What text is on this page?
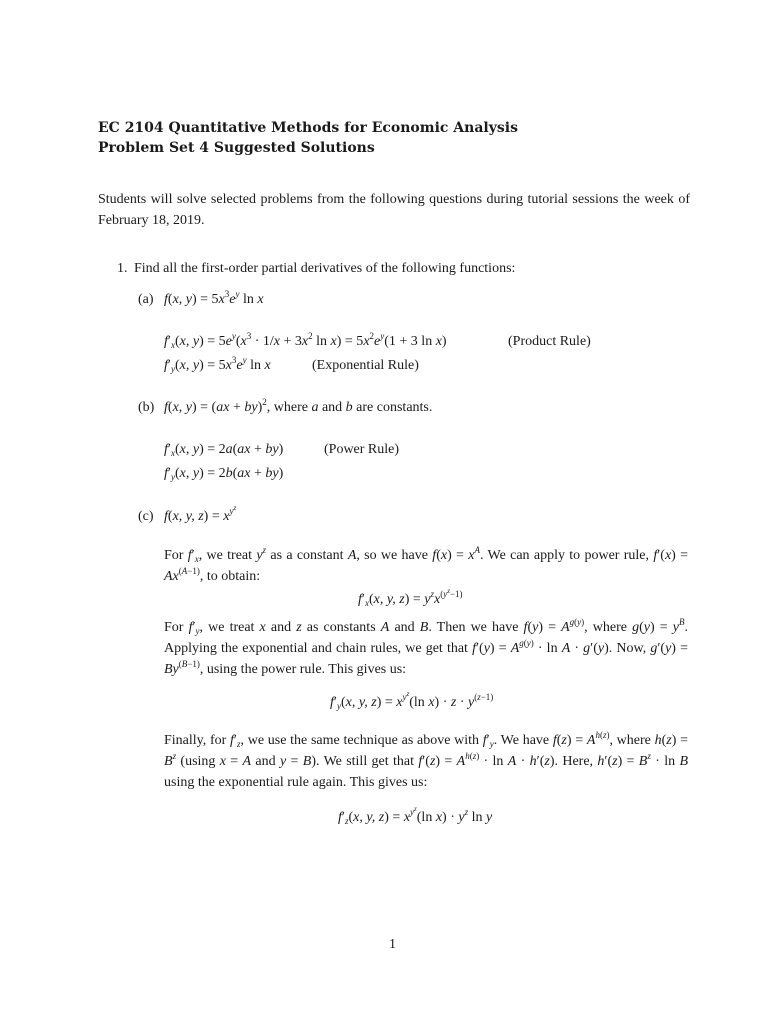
EC 2104 Quantitative Methods for Economic Analysis
Problem Set 4 Suggested Solutions
Students will solve selected problems from the following questions during tutorial sessions the week of February 18, 2019.
1. Find all the first-order partial derivatives of the following functions:
(a) f(x, $y) = 5x^3e^y$ ln x
$f'_x(x$, $y) = 5e^y(x^3 \cdot 1/x + 3x^2$ $\ln x) = 5x^2e^y(1 + 3$ ln x)	(Product Rule)
$f'_y(x$, $y) = 5x^3e^y$ ln x	(Exponential Rule)
(b) f(x, y) = (ax + by)$^2$, where a and b are constants.
$f'_x(x$, y) = 2a(ax + by)	(Power Rule)
$f'_y(x$, y) = 2b(ax + by)
(c) f(x, y, $z) = x^{y^z}$
For $f'_x$, we treat $y^z$ as a constant A, so we have $f(x) = x^A$. We can apply to power rule, $f'(x) = Ax^{(A-1)}$, to obtain:
$f'_x(x$, y, $z) = y^zx^{(y^z-1)}$
For $f'_y$, we treat x and z as constants A and B. Then we have $f(y) = A^{g(y)}$, where $g(y) = y^B$. Applying the exponential and chain rules, we get that $f'(y) = A^{g(y)} \cdot \ln A \cdot g'(y)$. Now, $g'(y) = By^{(B-1)}$, using the power rule. This gives us:
$f'_y(x$, y, $z) = x^{y^z}(\ln$ $x) \cdot z \cdot y^{(z-1)}$
Finally, for $f'_z$, we use the same technique as above with $f'_y$. We have $f(z) = A^{h(z)}$, where $h(z) = B^z$ (using x = A and y = B). We still get that $f'(z) = A^{h(z)} \cdot \ln A \cdot h'(z)$. Here, $h'(z) = B^z \cdot \ln B$ using the exponential rule again. This gives us:
$f'_z(x$, y, $z) = x^{y^z}(\ln$ $x) \cdot y^z$ ln y
1
